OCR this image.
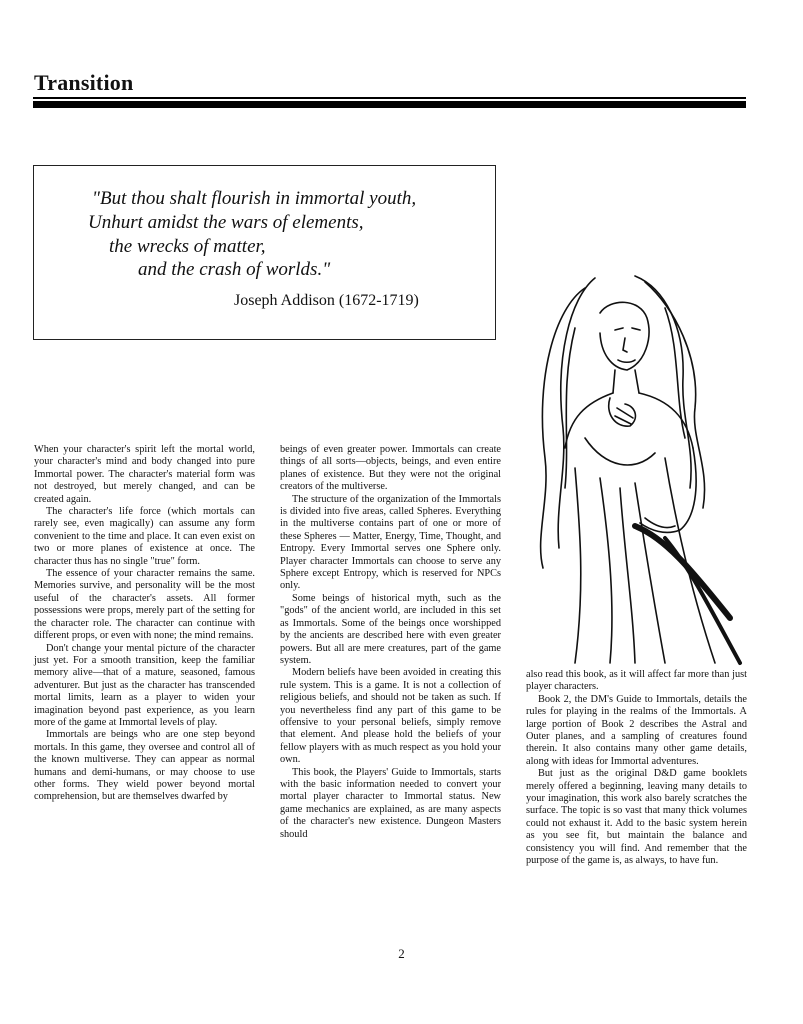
Transition

"But thou shalt flourish in immortal youth,

Unhurt amidst the wars of elements,

the wrecks of matter,

and the crash of worlds."

Joseph Addison (1672-1719)

When your character's spirit left the mortal world, your character's mind and body changed into pure Immortal power. The character's material form was not destroyed, but merely changed, and can be created again.

The character's life force (which mortals can rarely see, even magically) can assume any form convenient to the time and place. It can even exist on two or more planes of existence at once. The character thus has no single "true" form.

The essence of your character remains the same. Memories survive, and personality will be the most useful of the character's assets. All former possessions were props, merely part of the setting for the character role. The character can continue with different props, or even with none; the mind remains.

Don't change your mental picture of the character just yet. For a smooth transition, keep the familiar memory alive—that of a mature, seasoned, famous adventurer. But just as the character has transcended mortal limits, learn as a player to widen your imagination beyond past experience, as you learn more of the game at Immortal levels of play.

Immortals are beings who are one step beyond mortals. In this game, they oversee and control all of the known multiverse. They can appear as normal humans and demi-humans, or may choose to use other forms. They wield power beyond mortal comprehension, but are themselves dwarfed by

beings of even greater power. Immortals can create things of all sorts—objects, beings, and even entire planes of existence. But they were not the original creators of the multiverse.

The structure of the organization of the Immortals is divided into five areas, called Spheres. Everything in the multiverse contains part of one or more of these Spheres — Matter, Energy, Time, Thought, and Entropy. Every Immortal serves one Sphere only. Player character Immortals can choose to serve any Sphere except Entropy, which is reserved for NPCs only.

Some beings of historical myth, such as the "gods" of the ancient world, are included in this set as Immortals. Some of the beings once worshipped by the ancients are described here with even greater powers. But all are mere creatures, part of the game system.

Modern beliefs have been avoided in creating this rule system. This is a game. It is not a collection of religious beliefs, and should not be taken as such. If you nevertheless find any part of this game to be offensive to your personal beliefs, simply remove that element. And please hold the beliefs of your fellow players with as much respect as you hold your own.

This book, the Players' Guide to Immortals, starts with the basic information needed to convert your mortal player character to Immortal status. New game mechanics are explained, as are many aspects of the character's new existence. Dungeon Masters should

also read this book, as it will affect far more than just player characters.

Book 2, the DM's Guide to Immortals, details the rules for playing in the realms of the Immortals. A large portion of Book 2 describes the Astral and Outer planes, and a sampling of creatures found therein. It also contains many other game details, along with ideas for Immortal adventures.

But just as the original D&D game booklets merely offered a beginning, leaving many details to your imagination, this work also barely scratches the surface. The topic is so vast that many thick volumes could not exhaust it. Add to the basic system herein as you see fit, but maintain the balance and consistency you will find. And remember that the purpose of the game is, as always, to have fun.

2
